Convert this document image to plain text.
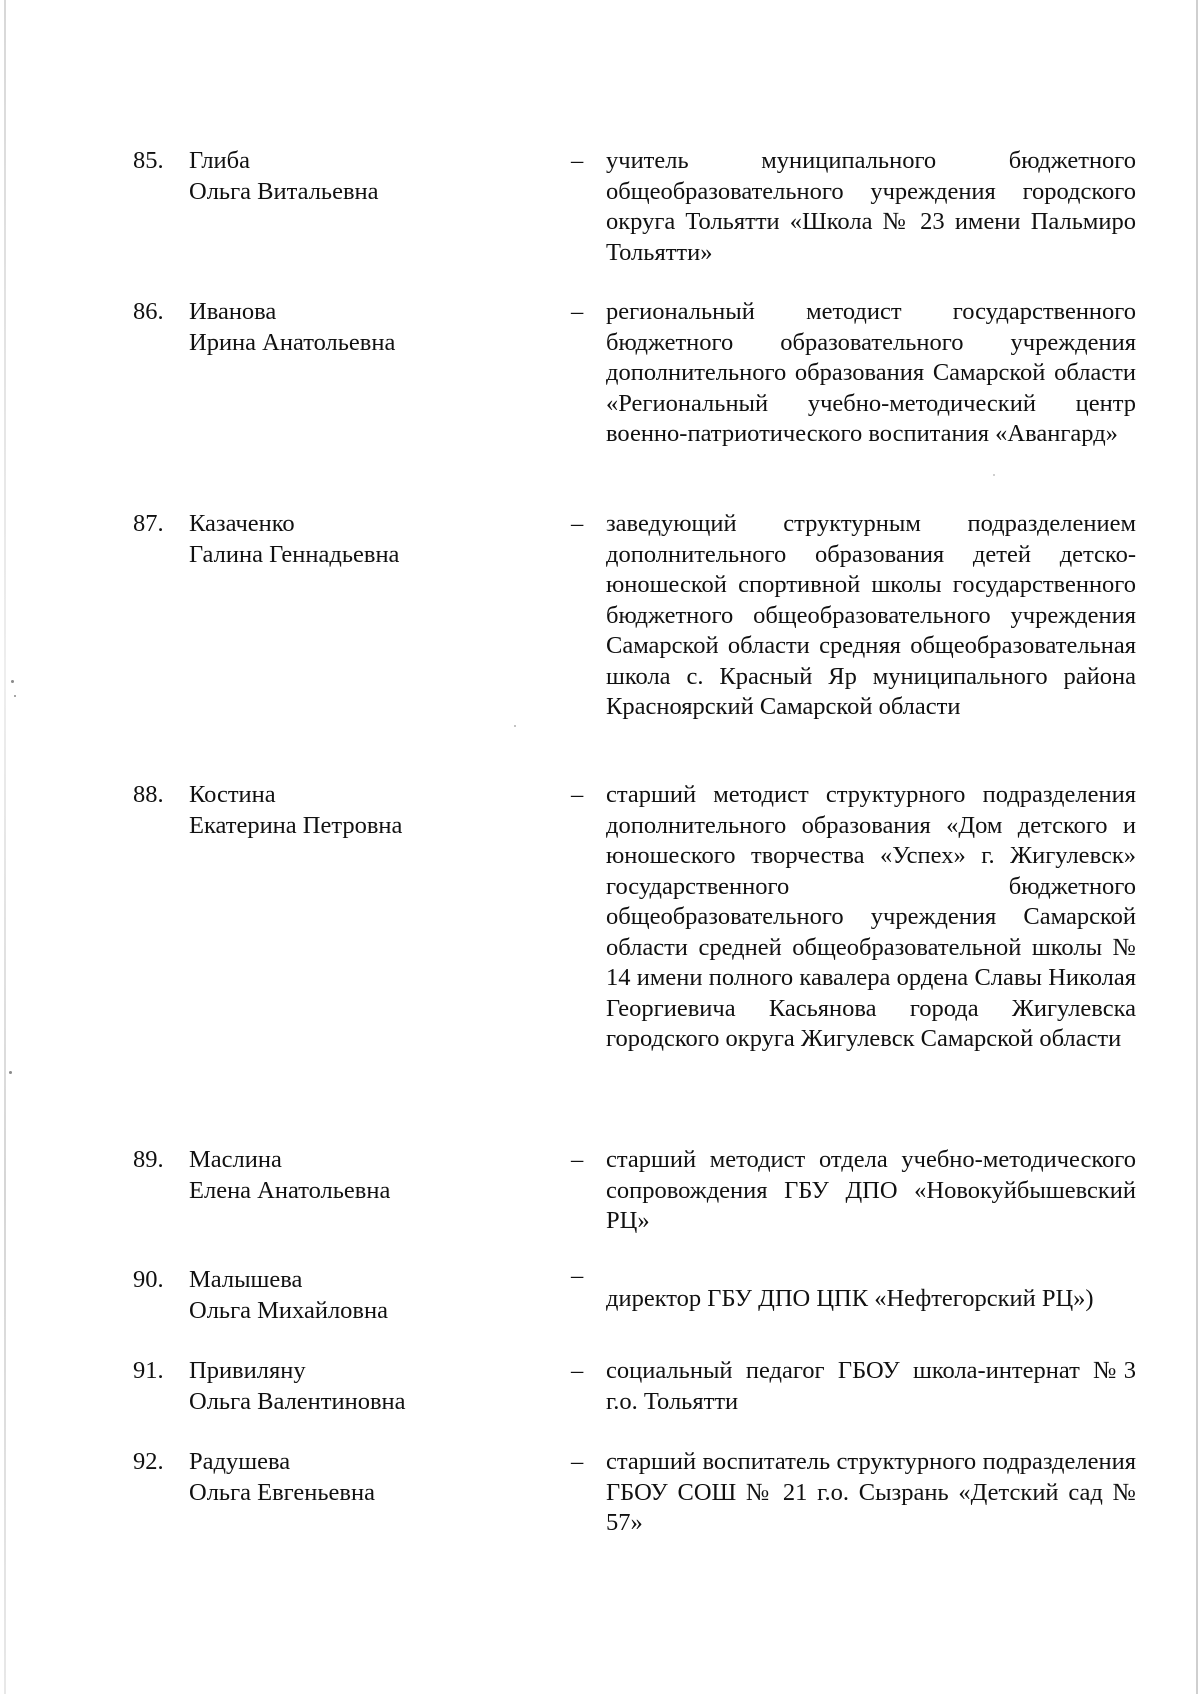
85. Глиба
Ольга Витальевна
– учитель муниципального бюджетного общеобразовательного учреждения городского округа Тольятти «Школа № 23 имени Пальмиро Тольятти»
86. Иванова
Ирина Анатольевна
– региональный методист государственного бюджетного образовательного учреждения дополнительного образования Самарской области «Региональный учебно-методический центр военно-патриотического воспитания «Авангард»
87. Казаченко
Галина Геннадьевна
– заведующий структурным подразделением дополнительного образования детей детско-юношеской спортивной школы государственного бюджетного общеобразовательного учреждения Самарской области средняя общеобразовательная школа с. Красный Яр муниципального района Красноярский Самарской области
88. Костина
Екатерина Петровна
– старший методист структурного подразделения дополнительного образования «Дом детского и юношеского творчества «Успех» г. Жигулевск» государственного бюджетного общеобразовательного учреждения Самарской области средней общеобразовательной школы № 14 имени полного кавалера ордена Славы Николая Георгиевича Касьянова города Жигулевска городского округа Жигулевск Самарской области
89. Маслина
Елена Анатольевна
– старший методист отдела учебно-методического сопровождения ГБУ ДПО «Новокуйбышевский РЦ»
90. Малышева
Ольга Михайловна
–
директор ГБУ ДПО ЦПК «Нефтегорский РЦ»)
91. Привиляну
Ольга Валентиновна
– социальный педагог ГБОУ школа-интернат №3 г.о. Тольятти
92. Радушева
Ольга Евгеньевна
– старший воспитатель структурного подразделения ГБОУ СОШ № 21 г.о. Сызрань «Детский сад № 57»
